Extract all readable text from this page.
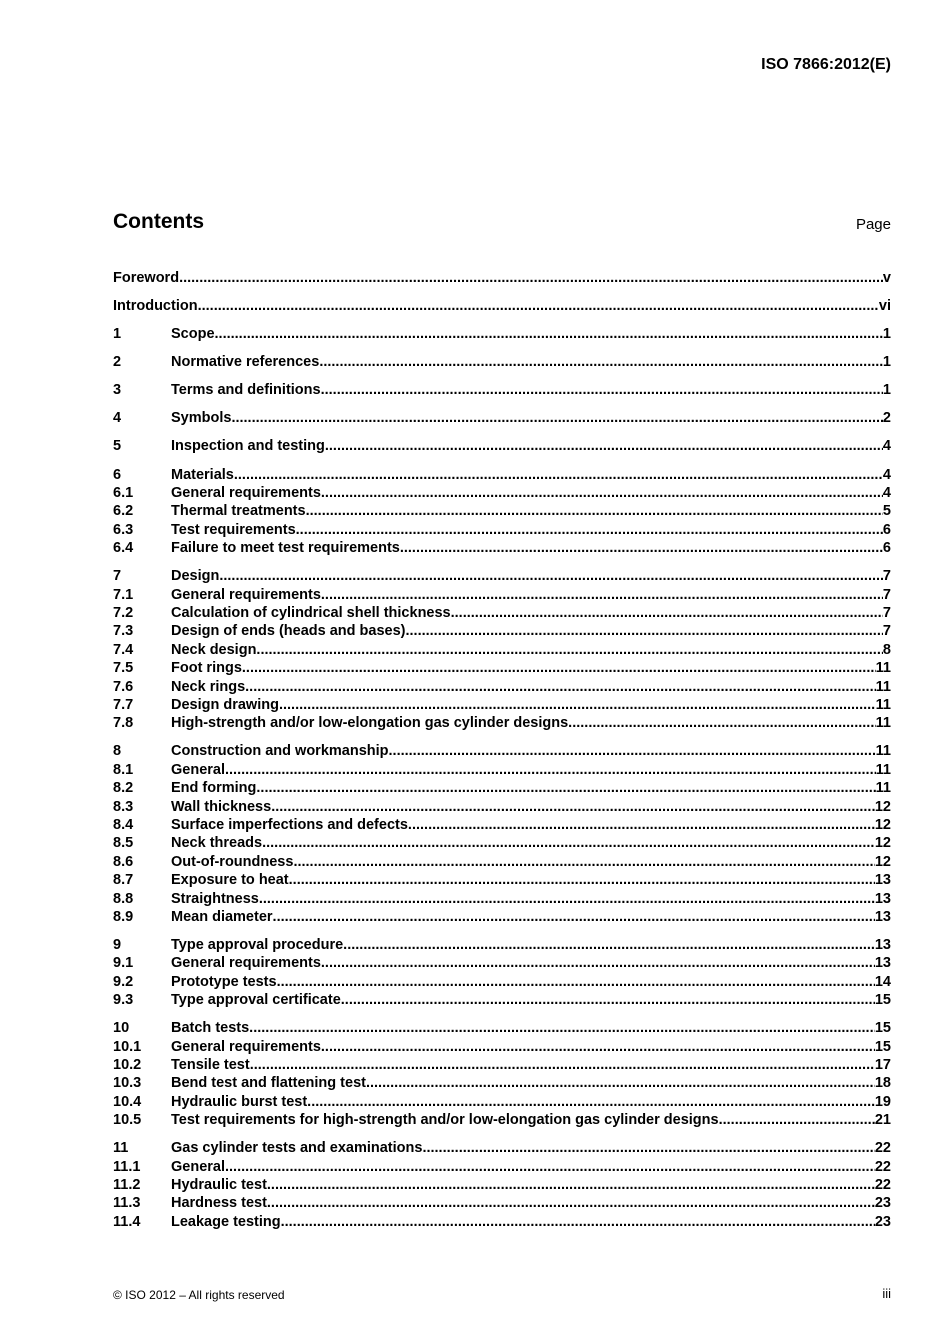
ISO 7866:2012(E)
Contents	Page
Foreword .....	v
Introduction .....	vi
1	Scope .....	1
2	Normative references .....	1
3	Terms and definitions .....	1
4	Symbols .....	2
5	Inspection and testing .....	4
6	Materials .....	4
6.1	General requirements .....	4
6.2	Thermal treatments .....	5
6.3	Test requirements .....	6
6.4	Failure to meet test requirements .....	6
7	Design .....	7
7.1	General requirements .....	7
7.2	Calculation of cylindrical shell thickness .....	7
7.3	Design of ends (heads and bases) .....	7
7.4	Neck design .....	8
7.5	Foot rings .....	11
7.6	Neck rings .....	11
7.7	Design drawing .....	11
7.8	High-strength and/or low-elongation gas cylinder designs .....	11
8	Construction and workmanship .....	11
8.1	General .....	11
8.2	End forming .....	11
8.3	Wall thickness .....	12
8.4	Surface imperfections and defects .....	12
8.5	Neck threads .....	12
8.6	Out-of-roundness .....	12
8.7	Exposure to heat .....	13
8.8	Straightness .....	13
8.9	Mean diameter .....	13
9	Type approval procedure .....	13
9.1	General requirements .....	13
9.2	Prototype tests .....	14
9.3	Type approval certificate .....	15
10	Batch tests .....	15
10.1	General requirements .....	15
10.2	Tensile test .....	17
10.3	Bend test and flattening test .....	18
10.4	Hydraulic burst test .....	19
10.5	Test requirements for high-strength and/or low-elongation gas cylinder designs .....	21
11	Gas cylinder tests and examinations .....	22
11.1	General .....	22
11.2	Hydraulic test .....	22
11.3	Hardness test .....	23
11.4	Leakage testing .....	23
© ISO 2012 – All rights reserved	iii
